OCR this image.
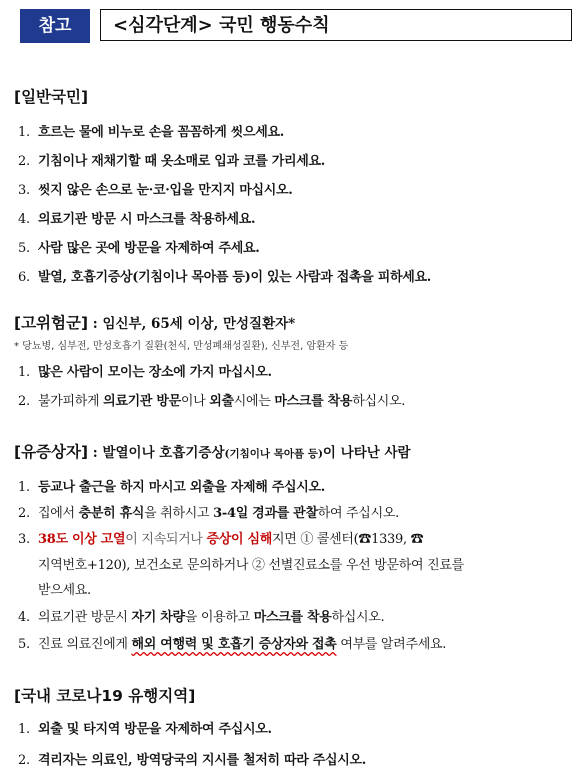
참고	<심각단계> 국민 행동수칙
[일반국민]
1. 흐르는 물에 비누로 손을 꼼꼼하게 씻으세요.
2. 기침이나 재채기할 때 옷소매로 입과 코를 가리세요.
3. 씻지 않은 손으로 눈·코·입을 만지지 마십시오.
4. 의료기관 방문 시 마스크를 착용하세요.
5. 사람 많은 곳에 방문을 자제하여 주세요.
6. 발열, 호흡기증상(기침이나 목아픔 등)이 있는 사람과 접촉을 피하세요.
[고위험군] : 임신부, 65세 이상, 만성질환자*
* 당뇨병, 심부전, 만성호흡기 질환(천식, 만성폐쇄성질환), 신부전, 암환자 등
1. 많은 사람이 모이는 장소에 가지 마십시오.
2. 불가피하게 의료기관 방문이나 외출시에는 마스크를 착용하십시오.
[유증상자] : 발열이나 호흡기증상(기침이나 목아픔 등)이 나타난 사람
1. 등교나 출근을 하지 마시고 외출을 자제해 주십시오.
2. 집에서 충분히 휴식을 취하시고 3-4일 경과를 관찰하여 주십시오.
3. 38도 이상 고열이 지속되거나 증상이 심해지면 ① 콜센터(☎1339, ☎
지역번호+120), 보건소로 문의하거나 ② 선별진료소를 우선 방문하여 진료를
받으세요.
4. 의료기관 방문시 자기 차량을 이용하고 마스크를 착용하십시오.
5. 진료 의료진에게 해외 여행력 및 호흡기 증상자와 접촉 여부를 알려주세요.
[국내 코로나19 유행지역]
1. 외출 및 타지역 방문을 자제하여 주십시오.
2. 격리자는 의료인, 방역당국의 지시를 철저히 따라 주십시오.
